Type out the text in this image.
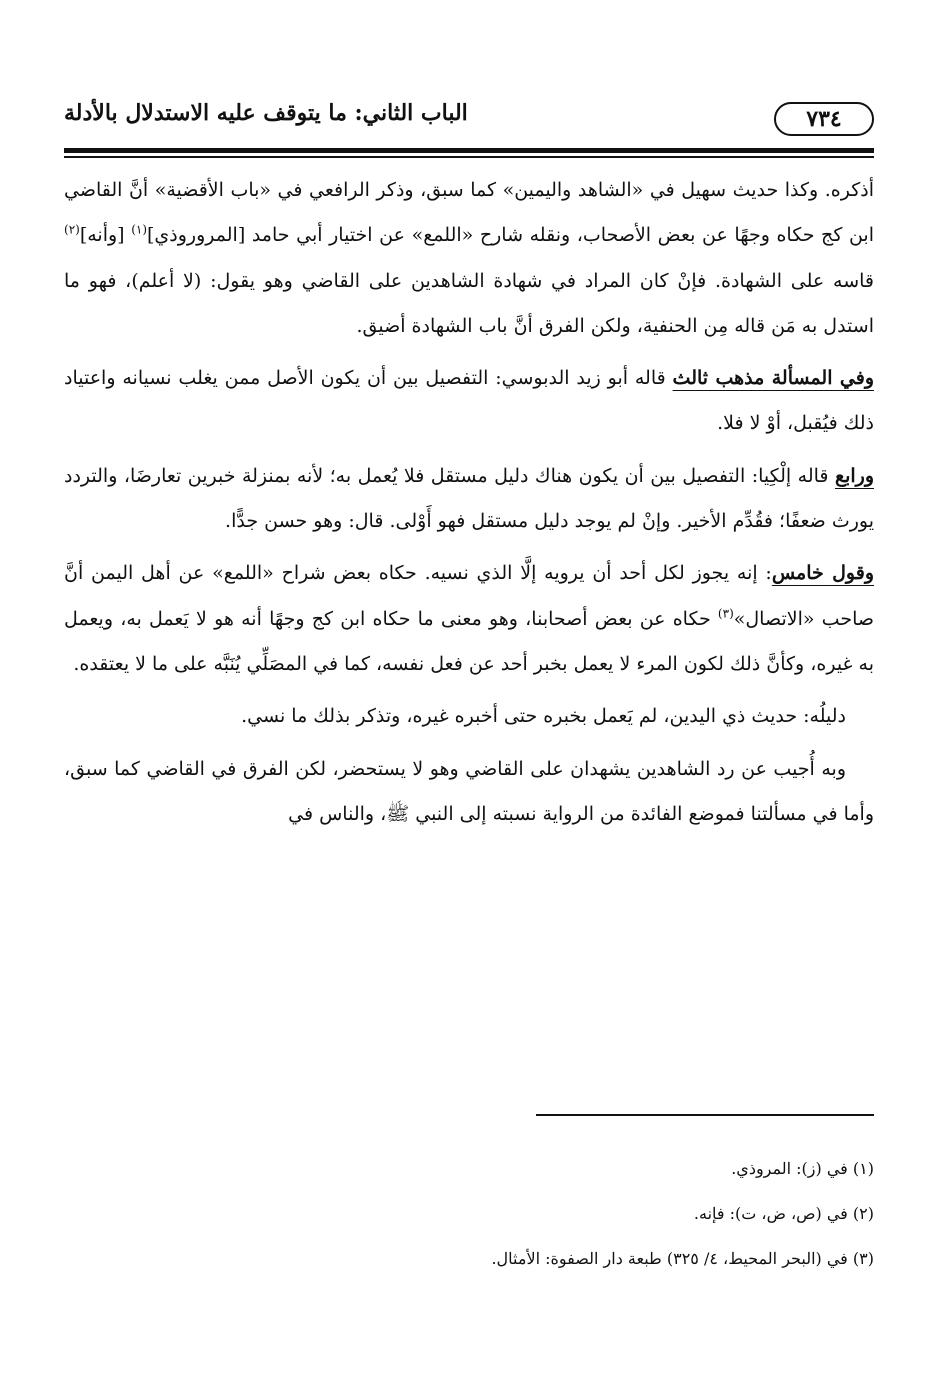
٧٣٤
الباب الثاني: ما يتوقف عليه الاستدلال بالأدلة

أذكره. وكذا حديث سهيل في «الشاهد واليمين» كما سبق، وذكر الرافعي في «باب الأقضية» أنَّ القاضي ابن كج حكاه وجهًا عن بعض الأصحاب، ونقله شارح «اللمع» عن اختيار أبي حامد [المروروذي]$^{(١)}$ [وأنه]$^{(٢)}$ قاسه على الشهادة. فإنْ كان المراد في شهادة الشاهدين على القاضي وهو يقول: (لا أعلم)، فهو ما استدل به مَن قاله مِن الحنفية، ولكن الفرق أنَّ باب الشهادة أضيق.

وفي المسألة مذهب ثالث قاله أبو زيد الدبوسي: التفصيل بين أن يكون الأصل ممن يغلب نسيانه واعتياد ذلك فيُقبل، أوْ لا فلا.

ورابع قاله إلْكِيا: التفصيل بين أن يكون هناك دليل مستقل فلا يُعمل به؛ لأنه بمنزلة خبرين تعارضَا، والتردد يورث ضعفًا؛ فقُدِّم الأخير. وإنْ لم يوجد دليل مستقل فهو أَوْلى. قال: وهو حسن جدًّا.

وقول خامس: إنه يجوز لكل أحد أن يرويه إلَّا الذي نسيه. حكاه بعض شراح «اللمع» عن أهل اليمن أنَّ صاحب «الاتصال»$^{(٣)}$ حكاه عن بعض أصحابنا، وهو معنى ما حكاه ابن كج وجهًا أنه هو لا يَعمل به، ويعمل به غيره، وكأنَّ ذلك لكون المرء لا يعمل بخبر أحد عن فعل نفسه، كما في المصَلِّي يُنَبَّه على ما لا يعتقده.

دليلُه: حديث ذي اليدين، لم يَعمل بخبره حتى أخبره غيره، وتذكر بذلك ما نسي.

وبه أُجيب عن رد الشاهدين يشهدان على القاضي وهو لا يستحضر، لكن الفرق في القاضي كما سبق، وأما في مسألتنا فموضع الفائدة من الرواية نسبته إلى النبي ﷺ، والناس في

(١) في (ز): المروذي.

(٢) في (ص، ض، ت): فإنه.

(٣) في (البحر المحيط، ٤/ ٣٢٥) طبعة دار الصفوة: الأمثال.
